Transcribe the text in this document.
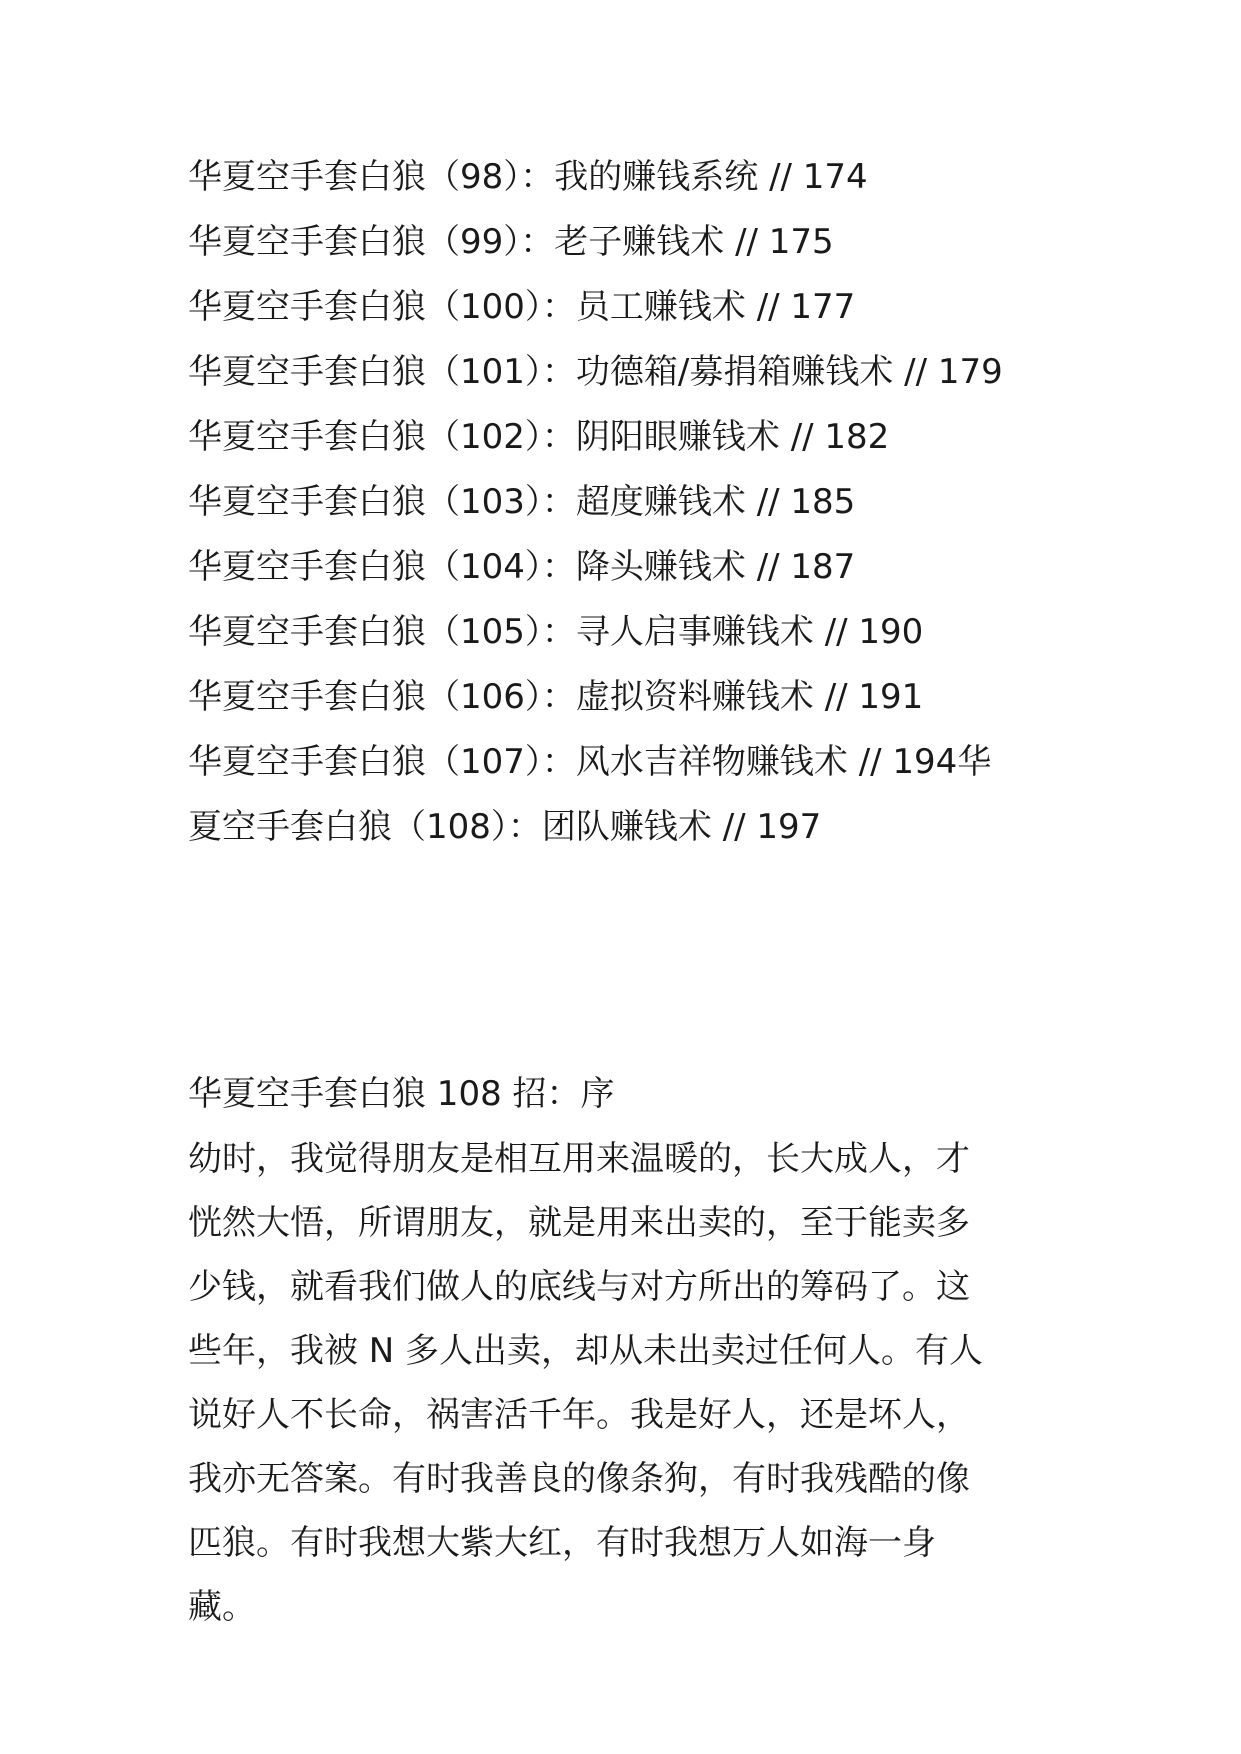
华夏空手套白狼（98）：我的赚钱系统 // 174
华夏空手套白狼（99）：老子赚钱术 // 175
华夏空手套白狼（100）：员工赚钱术 // 177
华夏空手套白狼（101）：功德箱/募捐箱赚钱术 // 179
华夏空手套白狼（102）：阴阳眼赚钱术 // 182
华夏空手套白狼（103）：超度赚钱术 // 185
华夏空手套白狼（104）：降头赚钱术 // 187
华夏空手套白狼（105）：寻人启事赚钱术 // 190
华夏空手套白狼（106）：虚拟资料赚钱术 // 191
华夏空手套白狼（107）：风水吉祥物赚钱术 // 194华
夏空手套白狼（108）：团队赚钱术 // 197
华夏空手套白狼 108 招：序
幼时，我觉得朋友是相互用来温暖的，长大成人，才
恍然大悟，所谓朋友，就是用来出卖的，至于能卖多
少钱，就看我们做人的底线与对方所出的筹码了。这
些年，我被 N 多人出卖，却从未出卖过任何人。有人
说好人不长命，祸害活千年。我是好人，还是坏人，
我亦无答案。有时我善良的像条狗，有时我残酷的像
匹狼。有时我想大紫大红，有时我想万人如海一身
藏。
